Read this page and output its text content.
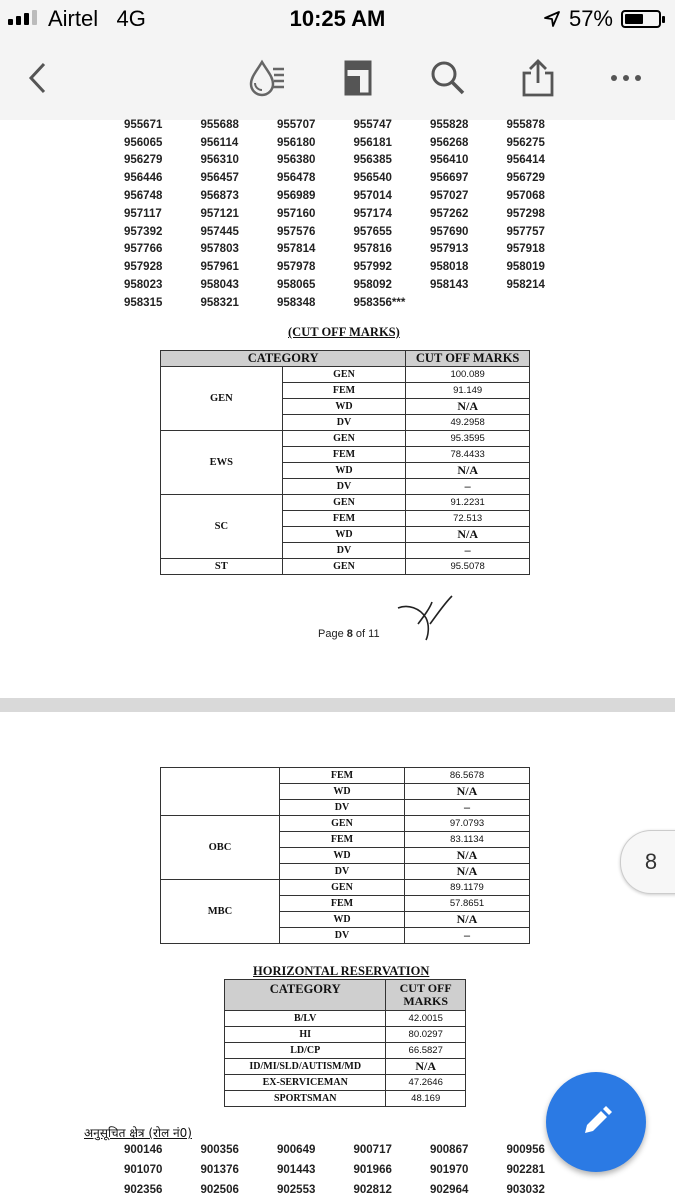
Airtel 4G	10:25 AM	57%
955671	955688	955707	955747	955828	955878
956065	956114	956180	956181	956268	956275
956279	956310	956380	956385	956410	956414
956446	956457	956478	956540	956697	956729
956748	956873	956989	957014	957027	957068
957117	957121	957160	957174	957262	957298
957392	957445	957576	957655	957690	957757
957766	957803	957814	957816	957913	957918
957928	957961	957978	957992	958018	958019
958023	958043	958065	958092	958143	958214
958315	958321	958348	958356***
(CUT OFF MARKS)
CATEGORY		CUT OFF MARKS
GEN	GEN	100.089
	FEM	91.149
	WD	N/A
	DV	49.2958
EWS	GEN	95.3595
	FEM	78.4433
	WD	N/A
	DV	–
SC	GEN	91.2231
	FEM	72.513
	WD	N/A
	DV	–
ST	GEN	95.5078
Page 8 of 11
	FEM	86.5678
	WD	N/A
	DV	–
OBC	GEN	97.0793
	FEM	83.1134
	WD	N/A
	DV	N/A
MBC	GEN	89.1179
	FEM	57.8651
	WD	N/A
	DV	–
HORIZONTAL RESERVATION
CATEGORY	CUT OFF MARKS
B/LV	42.0015
HI	80.0297
LD/CP	66.5827
ID/MI/SLD/AUTISM/MD	N/A
EX-SERVICEMAN	47.2646
SPORTSMAN	48.169
अनुसूचित क्षेत्र (रोल नं0)
900146	900356	900649	900717	900867	900956
901070	901376	901443	901966	901970	902281
902356	902506	902553	902812	902964	903032
8
